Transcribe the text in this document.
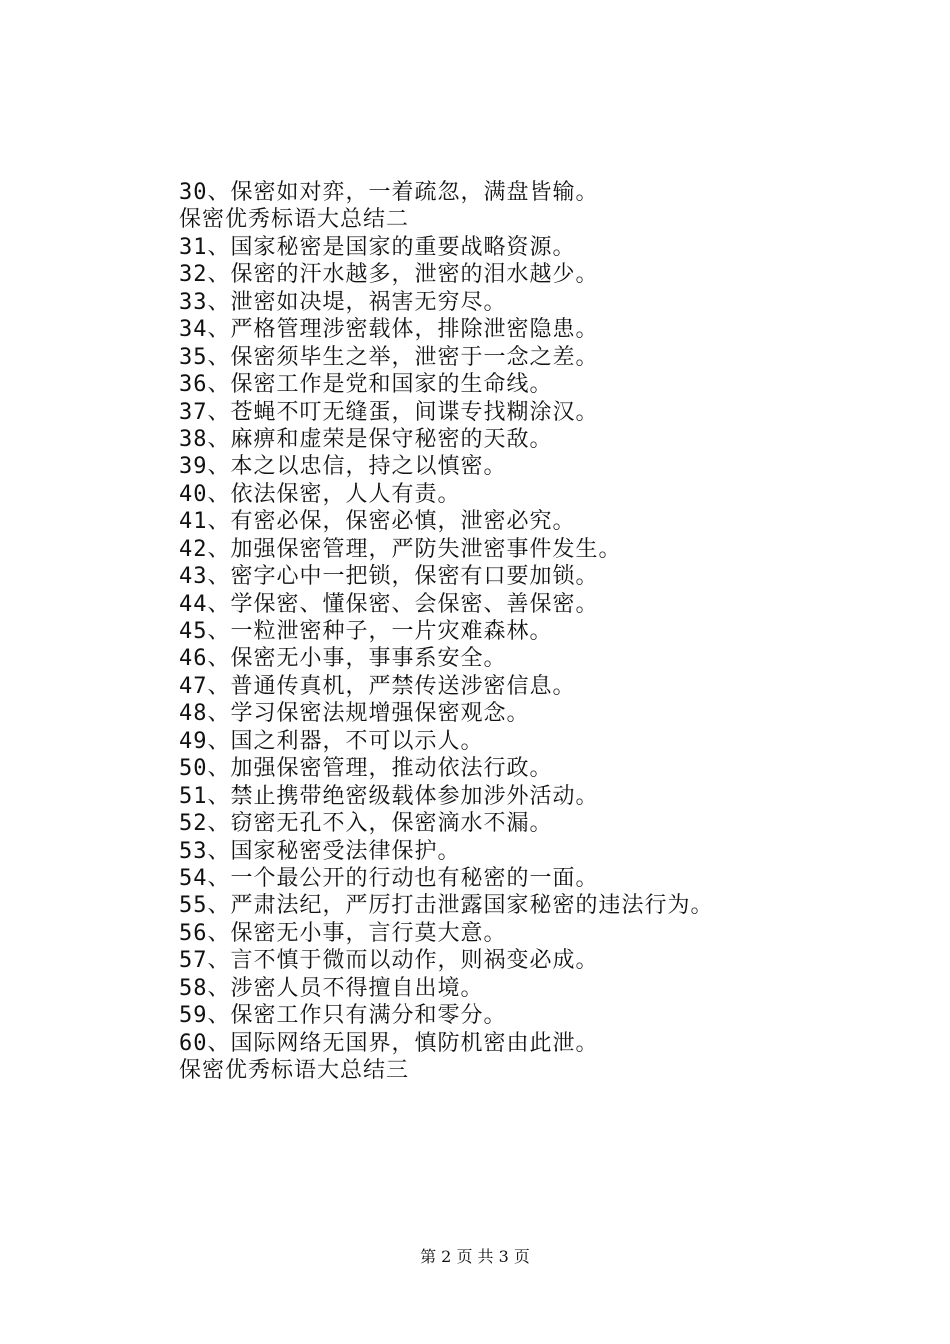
30、保密如对弈，一着疏忽，满盘皆输。
保密优秀标语大总结二
31、国家秘密是国家的重要战略资源。
32、保密的汗水越多，泄密的泪水越少。
33、泄密如决堤，祸害无穷尽。
34、严格管理涉密载体，排除泄密隐患。
35、保密须毕生之举，泄密于一念之差。
36、保密工作是党和国家的生命线。
37、苍蝇不叮无缝蛋，间谍专找糊涂汉。
38、麻痹和虚荣是保守秘密的天敌。
39、本之以忠信，持之以慎密。
40、依法保密，人人有责。
41、有密必保，保密必慎，泄密必究。
42、加强保密管理，严防失泄密事件发生。
43、密字心中一把锁，保密有口要加锁。
44、学保密、懂保密、会保密、善保密。
45、一粒泄密种子，一片灾难森林。
46、保密无小事，事事系安全。
47、普通传真机，严禁传送涉密信息。
48、学习保密法规增强保密观念。
49、国之利器，不可以示人。
50、加强保密管理，推动依法行政。
51、禁止携带绝密级载体参加涉外活动。
52、窃密无孔不入，保密滴水不漏。
53、国家秘密受法律保护。
54、一个最公开的行动也有秘密的一面。
55、严肃法纪，严厉打击泄露国家秘密的违法行为。
56、保密无小事，言行莫大意。
57、言不慎于微而以动作，则祸变必成。
58、涉密人员不得擅自出境。
59、保密工作只有满分和零分。
60、国际网络无国界，慎防机密由此泄。
保密优秀标语大总结三
第 2 页 共 3 页
